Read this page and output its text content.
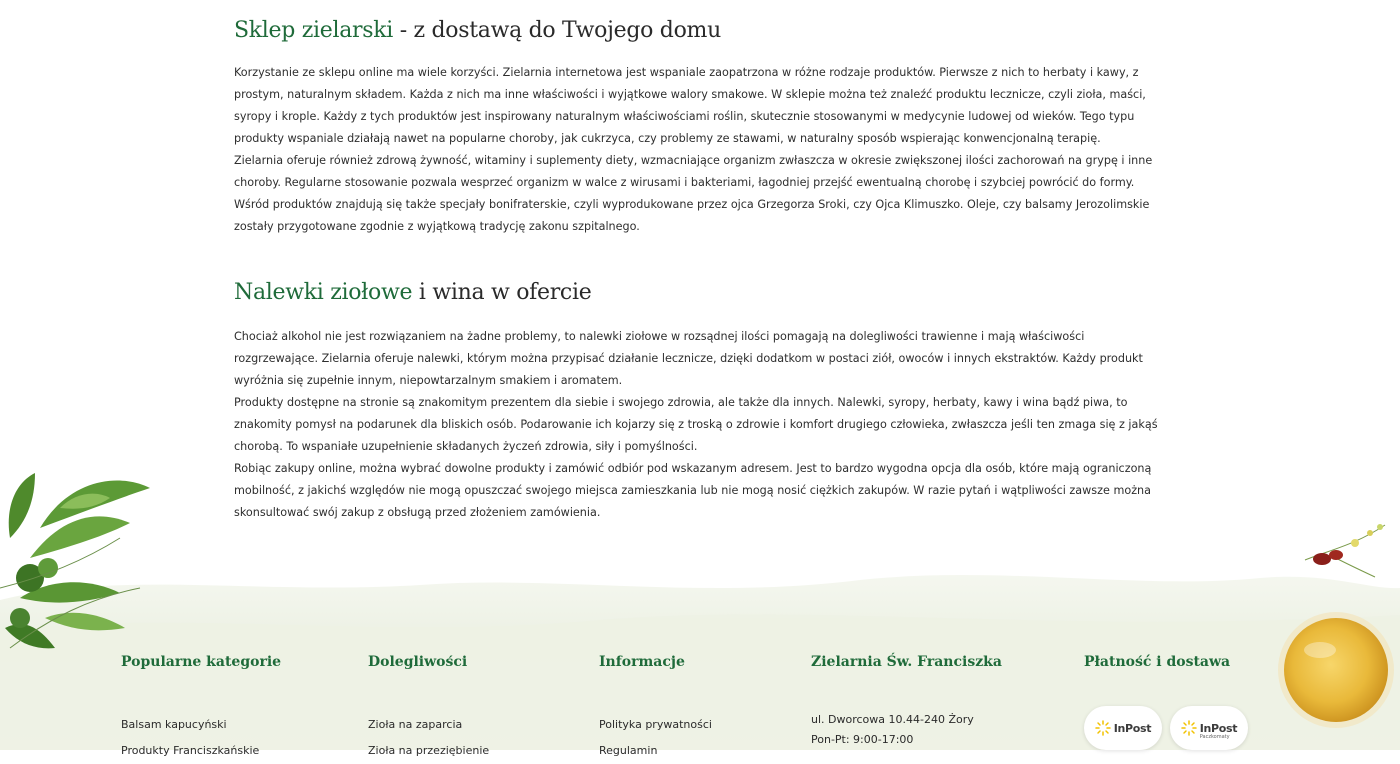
Sklep zielarski - z dostawą do Twojego domu

Korzystanie ze sklepu online ma wiele korzyści. Zielarnia internetowa jest wspaniale zaopatrzona w różne rodzaje produktów. Pierwsze z nich to herbaty i kawy, z prostym, naturalnym składem. Każda z nich ma inne właściwości i wyjątkowe walory smakowe. W sklepie można też znaleźć produktu lecznicze, czyli zioła, maści, syropy i krople. Każdy z tych produktów jest inspirowany naturalnym właściwościami roślin, skutecznie stosowanymi w medycynie ludowej od wieków. Tego typu produkty wspaniale działają nawet na popularne choroby, jak cukrzyca, czy problemy ze stawami, w naturalny sposób wspierając konwencjonalną terapię.

Zielarnia oferuje również zdrową żywność, witaminy i suplementy diety, wzmacniające organizm zwłaszcza w okresie zwiększonej ilości zachorowań na grypę i inne choroby. Regularne stosowanie pozwala wesprzeć organizm w walce z wirusami i bakteriami, łagodniej przejść ewentualną chorobę i szybciej powrócić do formy. Wśród produktów znajdują się także specjały bonifraterskie, czyli wyprodukowane przez ojca Grzegorza Sroki, czy Ojca Klimuszko. Oleje, czy balsamy Jerozolimskie zostały przygotowane zgodnie z wyjątkową tradycję zakonu szpitalnego.

Nalewki ziołowe i wina w ofercie

Chociaż alkohol nie jest rozwiązaniem na żadne problemy, to nalewki ziołowe w rozsądnej ilości pomagają na dolegliwości trawienne i mają właściwości rozgrzewające. Zielarnia oferuje nalewki, którym można przypisać działanie lecznicze, dzięki dodatkom w postaci ziół, owoców i innych ekstraktów. Każdy produkt wyróżnia się zupełnie innym, niepowtarzalnym smakiem i aromatem.

Produkty dostępne na stronie są znakomitym prezentem dla siebie i swojego zdrowia, ale także dla innych. Nalewki, syropy, herbaty, kawy i wina bądź piwa, to znakomity pomysł na podarunek dla bliskich osób. Podarowanie ich kojarzy się z troską o zdrowie i komfort drugiego człowieka, zwłaszcza jeśli ten zmaga się z jakąś chorobą. To wspaniałe uzupełnienie składanych życzeń zdrowia, siły i pomyślności.

Robiąc zakupy online, można wybrać dowolne produkty i zamówić odbiór pod wskazanym adresem. Jest to bardzo wygodna opcja dla osób, które mają ograniczoną mobilność, z jakichś względów nie mogą opuszczać swojego miejsca zamieszkania lub nie mogą nosić ciężkich zakupów. W razie pytań i wątpliwości zawsze można skonsultować swój zakup z obsługą przed złożeniem zamówienia.

Popularne kategorie
Balsam kapucyński
Produkty Franciszkańskie
Dolegliwości
Zioła na zaparcia
Zioła na przeziębienie
Informacje
Polityka prywatności
Regulamin
Zielarnia Św. Franciszka
ul. Dworcowa 10.44-240 Żory
Pon-Pt: 9:00-17:00
Płatność i dostawa
InPost	InPost
Paczkomaty
